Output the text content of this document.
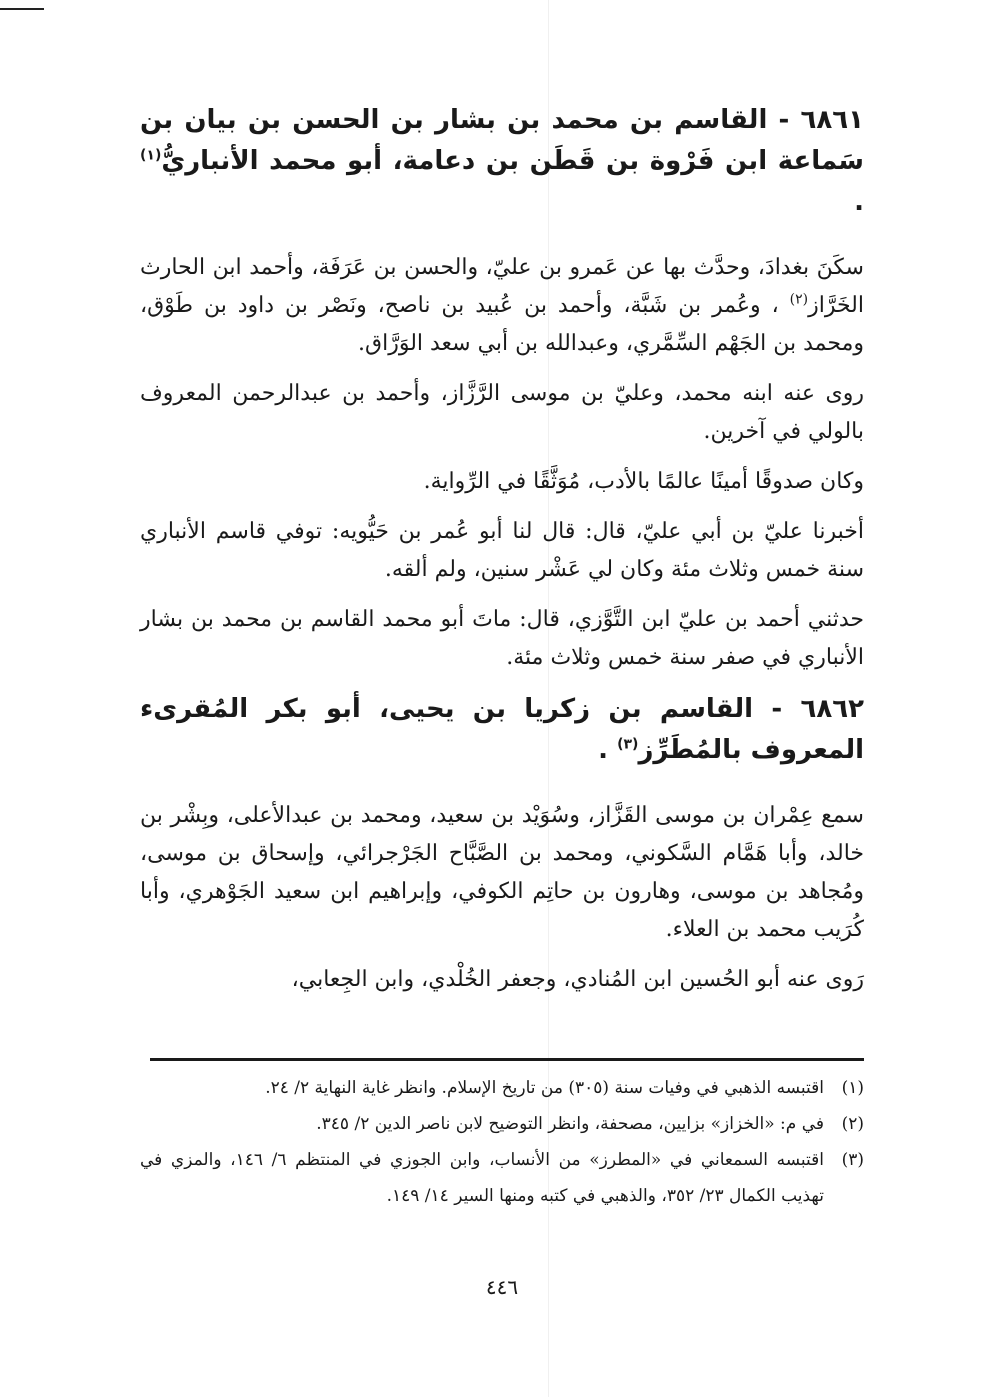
٦٨٦١ - القاسم بن محمد بن بشار بن الحسن بن بيان بن سَماعة ابن فَرْوة بن قَطَن بن دعامة، أبو محمد الأنباريُّ$^{(١)}$ .

سكَنَ بغدادَ، وحدَّث بها عن عَمرو بن عليّ، والحسن بن عَرَفَة، وأحمد ابن الحارث الخَرَّاز$^{(٢)}$ ، وعُمر بن شَبَّة، وأحمد بن عُبيد بن ناصح، ونَصْر بن داود بن طَوْق، ومحمد بن الجَهْم السِّمَّري، وعبدالله بن أبي سعد الوَرَّاق.

روى عنه ابنه محمد، وعليّ بن موسى الرَّزَّاز، وأحمد بن عبدالرحمن المعروف بالولي في آخرين.

وكان صدوقًا أمينًا عالمًا بالأدب، مُوَثَّقًا في الرِّواية.

أخبرنا عليّ بن أبي عليّ، قال: قال لنا أبو عُمر بن حَيُّويه: توفي قاسم الأنباري سنة خمس وثلاث مئة وكان لي عَشْر سنين، ولم ألقه.

حدثني أحمد بن عليّ ابن التَّوَّزي، قال: ماتَ أبو محمد القاسم بن محمد بن بشار الأنباري في صفر سنة خمس وثلاث مئة.

٦٨٦٢ - القاسم بن زكريا بن يحيى، أبو بكر المُقرىء المعروف بالمُطَرِّز$^{(٣)}$ .

سمع عِمْران بن موسى القَزَّاز، وسُوَيْد بن سعيد، ومحمد بن عبدالأعلى، وبِشْر بن خالد، وأبا هَمَّام السَّكوني، ومحمد بن الصَّبَّاح الجَرْجرائي، وإسحاق بن موسى، ومُجاهد بن موسى، وهارون بن حاتِم الكوفي، وإبراهيم ابن سعيد الجَوْهري، وأبا كُرَيب محمد بن العلاء.

رَوى عنه أبو الحُسين ابن المُنادي، وجعفر الخُلْدي، وابن الجِعابي،

(١)
اقتبسه الذهبي في وفيات سنة (٣٠٥) من تاريخ الإسلام. وانظر غاية النهاية ٢/ ٢٤.
(٢)
في م: «الخزاز» بزايين، مصحفة، وانظر التوضيح لابن ناصر الدين ٢/ ٣٤٥.
(٣)
اقتبسه السمعاني في «المطرز» من الأنساب، وابن الجوزي في المنتظم ٦/ ١٤٦، والمزي في تهذيب الكمال ٢٣/ ٣٥٢، والذهبي في كتبه ومنها السير ١٤/ ١٤٩.
٤٤٦
